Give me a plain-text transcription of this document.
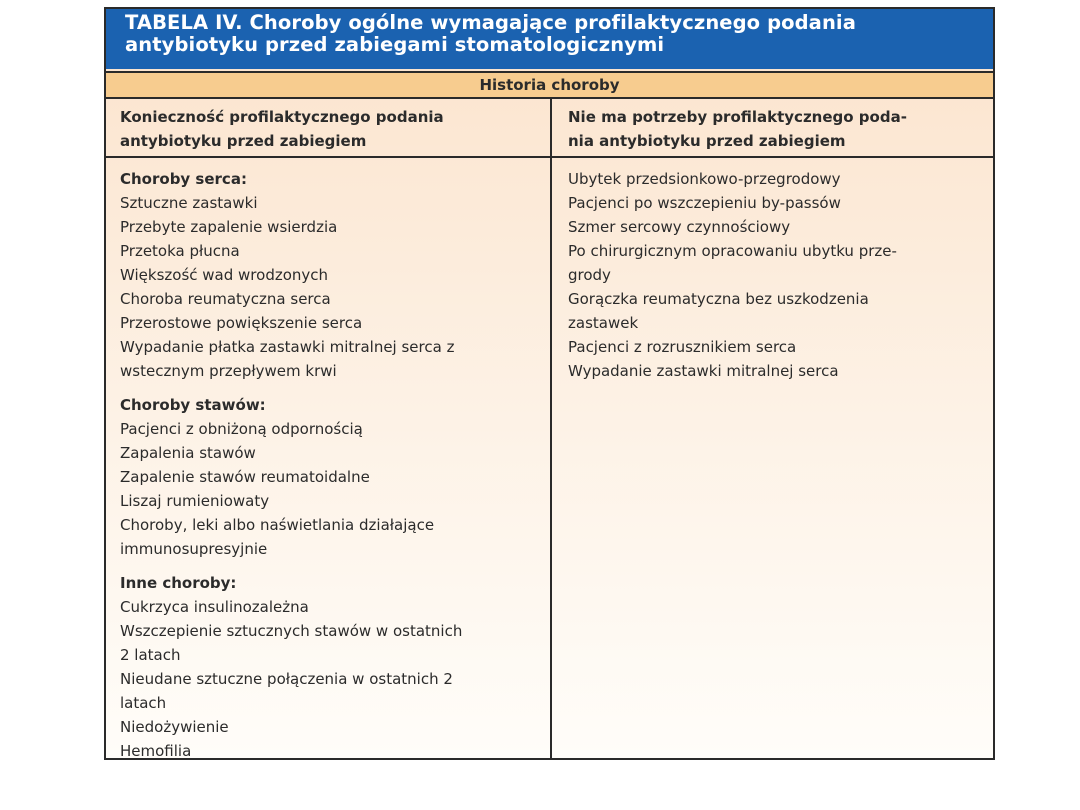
TABELA IV. Choroby ogólne wymagające profilaktycznego podania
antybiotyku przed zabiegami stomatologicznymi
Historia choroby
Konieczność profilaktycznego podania
antybiotyku przed zabiegiem
Nie ma potrzeby profilaktycznego poda-
nia antybiotyku przed zabiegiem
Choroby serca:
Sztuczne zastawki
Przebyte zapalenie wsierdzia
Przetoka płucna
Większość wad wrodzonych
Choroba reumatyczna serca
Przerostowe powiększenie serca
Wypadanie płatka zastawki mitralnej serca z
wstecznym przepływem krwi
Choroby stawów:
Pacjenci z obniżoną odpornością
Zapalenia stawów
Zapalenie stawów reumatoidalne
Liszaj rumieniowaty
Choroby, leki albo naświetlania działające
immunosupresyjnie
Inne choroby:
Cukrzyca insulinozależna
Wszczepienie sztucznych stawów w ostatnich
2 latach
Nieudane sztuczne połączenia w ostatnich 2
latach
Niedożywienie
Hemofilia
Ubytek przedsionkowo-przegrodowy
Pacjenci po wszczepieniu by-passów
Szmer sercowy czynnościowy
Po chirurgicznym opracowaniu ubytku prze-
grody
Gorączka reumatyczna bez uszkodzenia
zastawek
Pacjenci z rozrusznikiem serca
Wypadanie zastawki mitralnej serca
